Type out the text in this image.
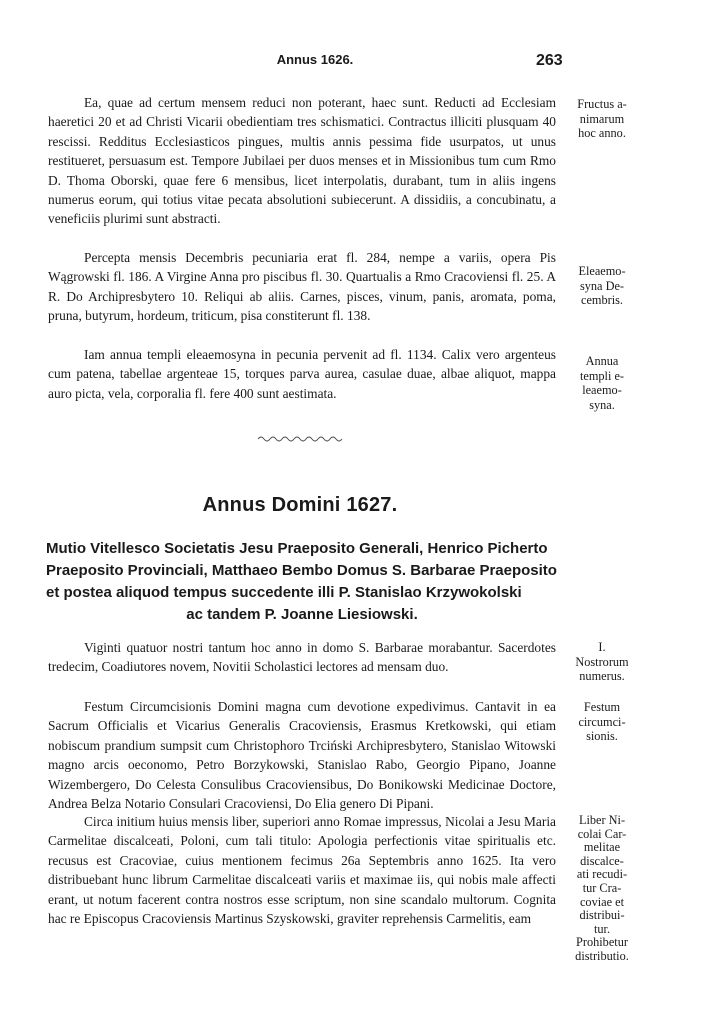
Annus 1626.	263

Ea, quae ad certum mensem reduci non poterant, haec sunt. Reducti ad Ecclesiam haeretici 20 et ad Christi Vicarii obedientiam tres schismatici. Contractus illiciti plusquam 40 rescissi. Redditus Ecclesiasticos pingues, multis annis pessima fide usurpatos, ut unus restitueret, persuasum est. Tempore Jubilaei per duos menses et in Missionibus tum cum Rmo D. Thoma Oborski, quae fere 6 mensibus, licet interpolatis, durabant, tum in aliis ingens numerus eorum, qui totius vitae pecata absolutioni subiecerunt. A dissidiis, a concubinatu, a veneficiis plurimi sunt abstracti.

Percepta mensis Decembris pecuniaria erat fl. 284, nempe a variis, opera Pis Wągrowski fl. 186. A Virgine Anna pro piscibus fl. 30. Quartualis a Rmo Cracoviensi fl. 25. A R. Do Archipresbytero 10. Reliqui ab aliis. Carnes, pisces, vinum, panis, aromata, poma, pruna, butyrum, hordeum, triticum, pisa constiterunt fl. 138.

Iam annua templi eleaemosyna in pecunia pervenit ad fl. 1134. Calix vero argenteus cum patena, tabellae argenteae 15, torques parva aurea, casulae duae, albae aliquot, mappa auro picta, vela, corporalia fl. fere 400 sunt aestimata.

Fructus a-
nimarum
hoc anno.
Eleaemo-
syna De-
cembris.
Annua
templi e-
leaemo-
syna.
Annus Domini 1627.
Mutio Vitellesco Societatis Jesu Praeposito Generali, Henrico Picherto
Praeposito Provinciali, Matthaeo Bembo Domus S. Barbarae Praeposito
et postea aliquod tempus succedente illi P. Stanislao Krzywokolski
ac tandem P. Joanne Liesiowski.

Viginti quatuor nostri tantum hoc anno in domo S. Barbarae morabantur. Sacerdotes tredecim, Coadiutores novem, Novitii Scholastici lectores ad mensam duo.

Festum Circumcisionis Domini magna cum devotione expedivimus. Cantavit in ea Sacrum Officialis et Vicarius Generalis Cracoviensis, Erasmus Kretkowski, qui etiam nobiscum prandium sumpsit cum Christophoro Trciński Archipresbytero, Stanislao Witowski magno arcis oeconomo, Petro Borzykowski, Stanislao Rabo, Georgio Pipano, Joanne Wizembergero, Do Celesta Consulibus Cracoviensibus, Do Bonikowski Medicinae Doctore, Andrea Belza Notario Consulari Cracoviensi, Do Elia genero Di Pipani.

Circa initium huius mensis liber, superiori anno Romae impressus, Nicolai a Jesu Maria Carmelitae discalceati, Poloni, cum tali titulo: Apologia perfectionis vitae spiritualis etc. recusus est Cracoviae, cuius mentionem fecimus 26a Septembris anno 1625. Ita vero distribuebant hunc librum Carmelitae discalceati variis et maximae iis, qui nobis male affecti erant, ut notum facerent contra nostros esse scriptum, non sine scandalo multorum. Cognita hac re Episcopus Cracoviensis Martinus Szyskowski, graviter reprehensis Carmelitis, eam

I.
Nostrorum
numerus.
Festum
circumci-
sionis.
Liber Ni-
colai Car-
melitae
discalce-
ati recudi-
tur Cra-
coviae et
distribui-
tur.
Prohibetur
distributio.
